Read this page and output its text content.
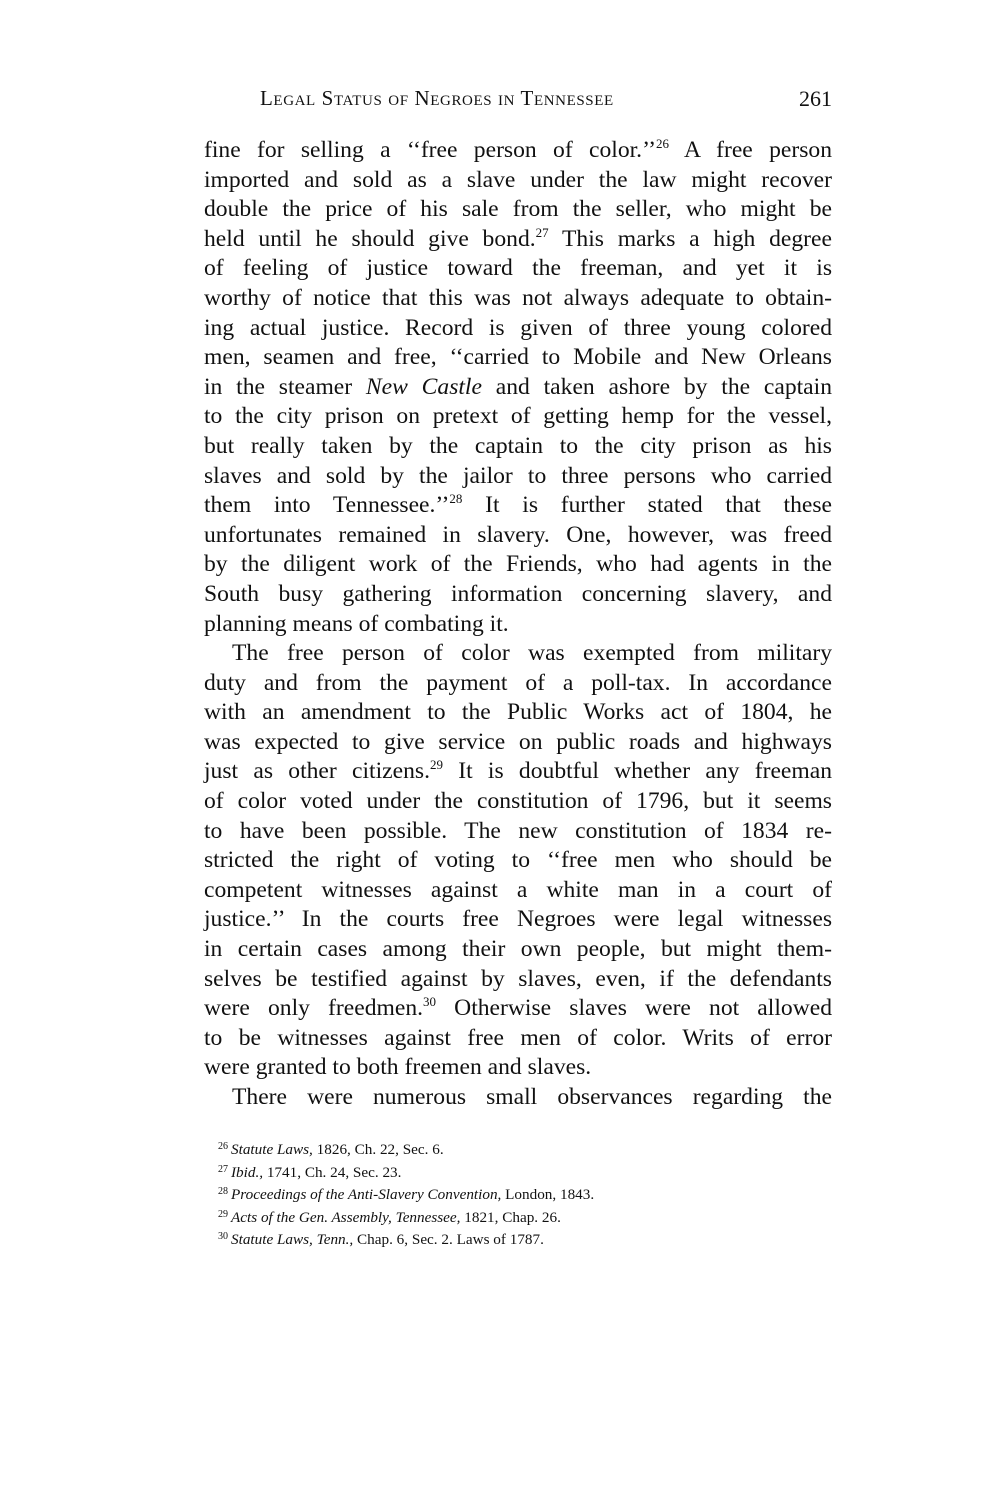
Legal Status of Negroes in Tennessee	261
fine for selling a ‘‘free person of color.’’$^{26}$ A free person
imported and sold as a slave under the law might recover
double the price of his sale from the seller, who might be
held until he should give bond.$^{27}$ This marks a high degree
of feeling of justice toward the freeman, and yet it is
worthy of notice that this was not always adequate to obtain-
ing actual justice. Record is given of three young colored
men, seamen and free, ‘‘carried to Mobile and New Orleans
in the steamer New Castle and taken ashore by the captain
to the city prison on pretext of getting hemp for the vessel,
but really taken by the captain to the city prison as his
slaves and sold by the jailor to three persons who carried
them into Tennessee.’’$^{28}$ It is further stated that these
unfortunates remained in slavery. One, however, was freed
by the diligent work of the Friends, who had agents in the
South busy gathering information concerning slavery, and
planning means of combating it.
The free person of color was exempted from military
duty and from the payment of a poll-tax. In accordance
with an amendment to the Public Works act of 1804, he
was expected to give service on public roads and highways
just as other citizens.$^{29}$ It is doubtful whether any freeman
of color voted under the constitution of 1796, but it seems
to have been possible. The new constitution of 1834 re-
stricted the right of voting to ‘‘free men who should be
competent witnesses against a white man in a court of
justice.’’ In the courts free Negroes were legal witnesses
in certain cases among their own people, but might them-
selves be testified against by slaves, even, if the defendants
were only freedmen.$^{30}$ Otherwise slaves were not allowed
to be witnesses against free men of color. Writs of error
were granted to both freemen and slaves.
There were numerous small observances regarding the
$^{26}$ Statute Laws, 1826, Ch. 22, Sec. 6.
$^{27}$ Ibid., 1741, Ch. 24, Sec. 23.
$^{28}$ Proceedings of the Anti-Slavery Convention, London, 1843.
$^{29}$ Acts of the Gen. Assembly, Tennessee, 1821, Chap. 26.
$^{30}$ Statute Laws, Tenn., Chap. 6, Sec. 2. Laws of 1787.
